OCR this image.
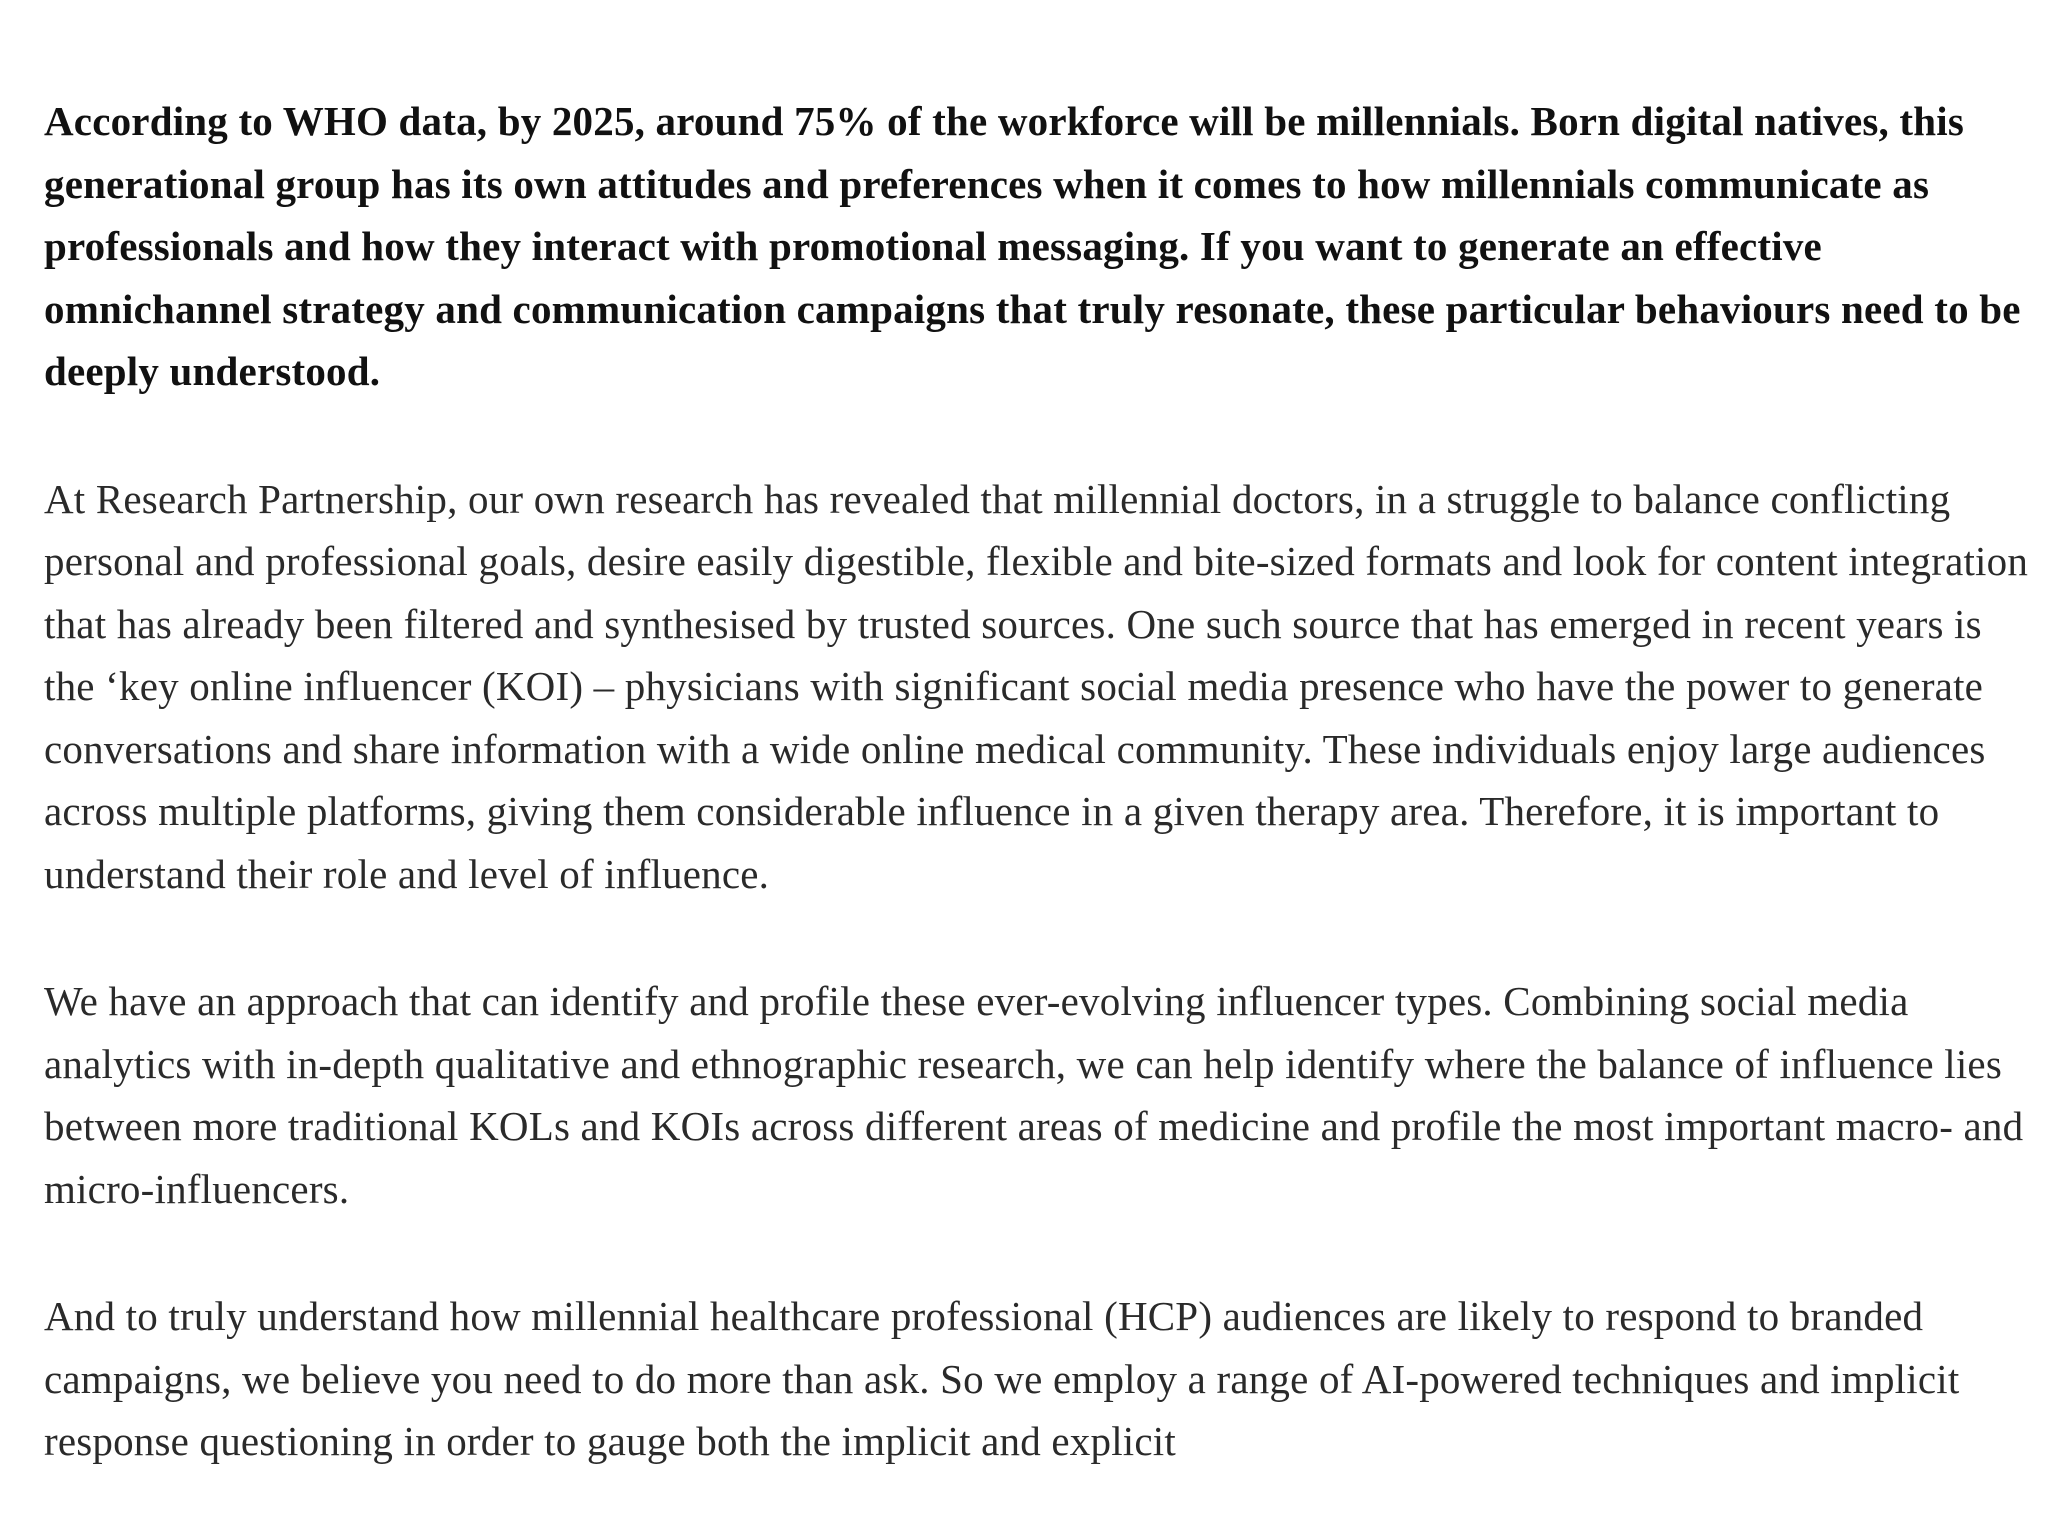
According to WHO data, by 2025, around 75% of the workforce will be millennials. Born digital natives, this generational group has its own attitudes and preferences when it comes to how millennials communicate as professionals and how they interact with promotional messaging. If you want to generate an effective omnichannel strategy and communication campaigns that truly resonate, these particular behaviours need to be deeply understood.

At Research Partnership, our own research has revealed that millennial doctors, in a struggle to balance conflicting personal and professional goals, desire easily digestible, flexible and bite-sized formats and look for content integration that has already been filtered and synthesised by trusted sources. One such source that has emerged in recent years is the ‘key online influencer (KOI) – physicians with significant social media presence who have the power to generate conversations and share information with a wide online medical community. These individuals enjoy large audiences across multiple platforms, giving them considerable influence in a given therapy area. Therefore, it is important to understand their role and level of influence.

We have an approach that can identify and profile these ever-evolving influencer types. Combining social media analytics with in-depth qualitative and ethnographic research, we can help identify where the balance of influence lies between more traditional KOLs and KOIs across different areas of medicine and profile the most important macro- and micro-influencers.

And to truly understand how millennial healthcare professional (HCP) audiences are likely to respond to branded campaigns, we believe you need to do more than ask. So we employ a range of AI-powered techniques and implicit response questioning in order to gauge both the implicit and explicit
